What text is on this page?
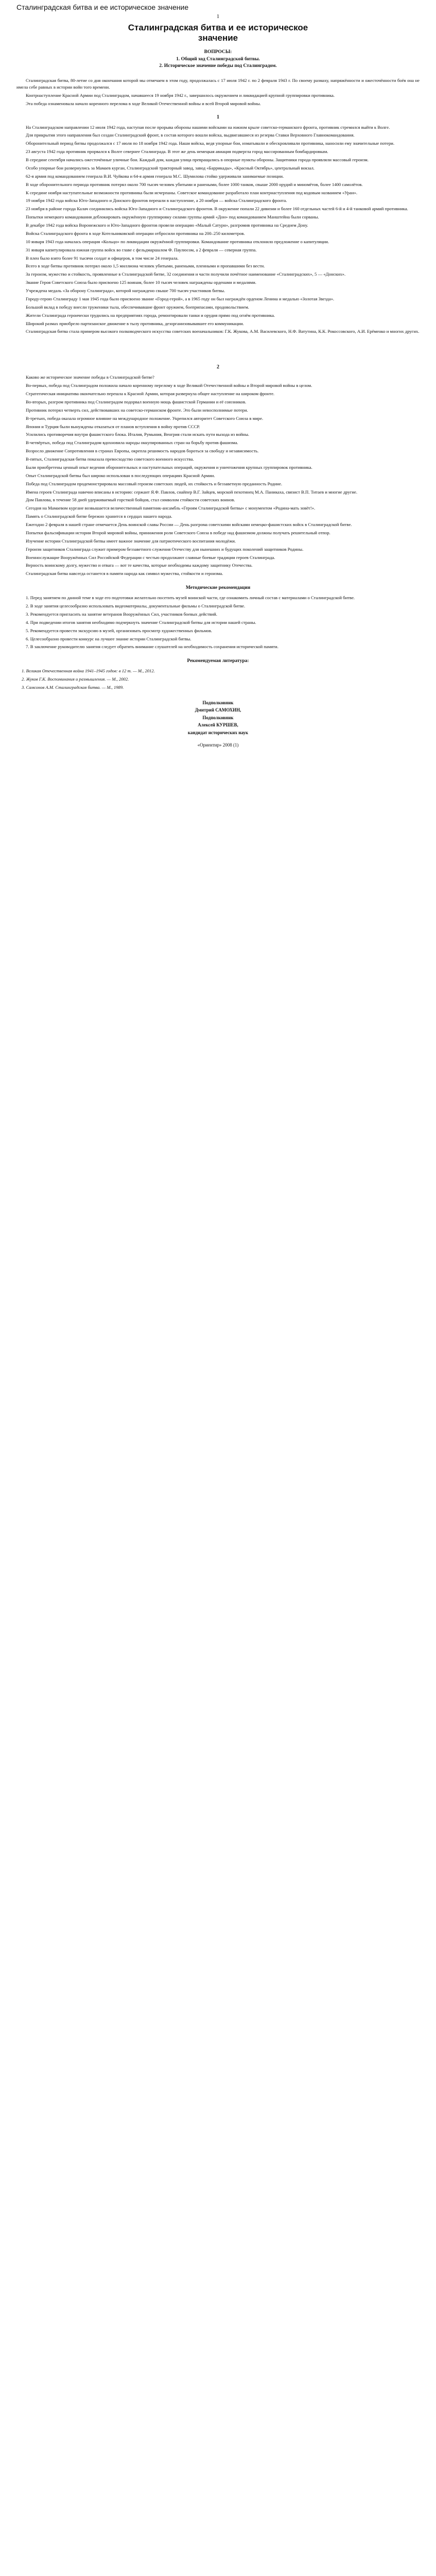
Сталинградская битва и ее историческое значение
1
Сталинградская битва и ее историческое
значение
ВОПРОСЫ:
1. Общий ход Сталинградской битвы.
2. Историческое значение победы под Сталинградом.

Сталинградская битва, 80-летие со дня окончания которой мы отмечаем в этом году, продолжалась с 17 июля 1942 г. по 2 февраля 1943 г. По своему размаху, напряжённости и ожесточённости боёв она не имела себе равных в истории войн того времени.

Контрнаступление Красной Армии под Сталинградом, начавшееся 19 ноября 1942 г., завершилось окружением и ликвидацией крупной группировки противника.

Эта победа ознаменовала начало коренного перелома в ходе Великой Отечественной войны и всей Второй мировой войны.

1

На Сталинградском направлении 12 июля 1942 года, наступая после прорыва обороны нашими войсками на южном крыле советско-германского фронта, противник стремился выйти к Волге.

Для прикрытия этого направления был создан Сталинградский фронт, в состав которого вошли войска, выдвигавшиеся из резерва Ставки Верховного Главнокомандования.

Оборонительный период битвы продолжался с 17 июля по 18 ноября 1942 года. Наши войска, ведя упорные бои, изматывали и обескровливали противника, наносили ему значительные потери.

23 августа 1942 года противник прорвался к Волге севернее Сталинграда. В этот же день немецкая авиация подвергла город массированным бомбардировкам.

В середине сентября начались ожесточённые уличные бои. Каждый дом, каждая улица превращались в опорные пункты обороны. Защитники города проявляли массовый героизм.

Особо упорные бои развернулись за Мамаев курган, Сталинградский тракторный завод, завод «Баррикады», «Красный Октябрь», центральный вокзал.

62-я армия под командованием генерала В.И. Чуйкова и 64-я армия генерала М.С. Шумилова стойко удерживали занимаемые позиции.

В ходе оборонительного периода противник потерял около 700 тысяч человек убитыми и ранеными, более 1000 танков, свыше 2000 орудий и миномётов, более 1400 самолётов.

К середине ноября наступательные возможности противника были исчерпаны. Советское командование разработало план контрнаступления под кодовым названием «Уран».

19 ноября 1942 года войска Юго-Западного и Донского фронтов перешли в наступление, а 20 ноября — войска Сталинградского фронта.

23 ноября в районе города Калач соединились войска Юго-Западного и Сталинградского фронтов. В окружение попали 22 дивизии и более 160 отдельных частей 6-й и 4-й танковой армий противника.

Попытки немецкого командования деблокировать окружённую группировку силами группы армий «Дон» под командованием Манштейна были сорваны.

В декабре 1942 года войска Воронежского и Юго-Западного фронтов провели операцию «Малый Сатурн», разгромив противника на Среднем Дону.

Войска Сталинградского фронта в ходе Котельниковской операции отбросили противника на 200–250 километров.

10 января 1943 года началась операция «Кольцо» по ликвидации окружённой группировки. Командование противника отклонило предложение о капитуляции.

31 января капитулировала южная группа войск во главе с фельдмаршалом Ф. Паулюсом, а 2 февраля — северная группа.

В плен было взято более 91 тысячи солдат и офицеров, в том числе 24 генерала.

Всего в ходе битвы противник потерял около 1,5 миллиона человек убитыми, ранеными, пленными и пропавшими без вести.

За героизм, мужество и стойкость, проявленные в Сталинградской битве, 32 соединения и части получили почётное наименование «Сталинградских», 5 — «Донских».

Звание Героя Советского Союза было присвоено 125 воинам, более 10 тысяч человек награждены орденами и медалями.

Учреждена медаль «За оборону Сталинграда», которой награждено свыше 700 тысяч участников битвы.

Городу-герою Сталинграду 1 мая 1945 года было присвоено звание «Город-герой», а в 1965 году он был награждён орденом Ленина и медалью «Золотая Звезда».

Большой вклад в победу внесли труженики тыла, обеспечивавшие фронт оружием, боеприпасами, продовольствием.

Жители Сталинграда героически трудились на предприятиях города, ремонтировали танки и орудия прямо под огнём противника.

Широкий размах приобрело партизанское движение в тылу противника, дезорганизовывавшее его коммуникации.

Сталинградская битва стала примером высокого полководческого искусства советских военачальников: Г.К. Жукова, А.М. Василевского, Н.Ф. Ватутина, К.К. Рокоссовского, А.И. Ерёменко и многих других.

2

Каково же историческое значение победы в Сталинградской битве?

Во-первых, победа под Сталинградом положила начало коренному перелому в ходе Великой Отечественной войны и Второй мировой войны в целом.

Стратегическая инициатива окончательно перешла к Красной Армии, которая развернула общее наступление на широком фронте.

Во-вторых, разгром противника под Сталинградом подорвал военную мощь фашистской Германии и её союзников.

Противник потерял четверть сил, действовавших на советско-германском фронте. Это были невосполнимые потери.

В-третьих, победа оказала огромное влияние на международное положение. Укрепился авторитет Советского Союза в мире.

Япония и Турция были вынуждены отказаться от планов вступления в войну против СССР.

Усилились противоречия внутри фашистского блока. Италия, Румыния, Венгрия стали искать пути выхода из войны.

В-четвёртых, победа под Сталинградом вдохновила народы оккупированных стран на борьбу против фашизма.

Возросло движение Сопротивления в странах Европы, окрепла решимость народов бороться за свободу и независимость.

В-пятых, Сталинградская битва показала превосходство советского военного искусства.

Были приобретены ценный опыт ведения оборонительных и наступательных операций, окружения и уничтожения крупных группировок противника.

Опыт Сталинградской битвы был широко использован в последующих операциях Красной Армии.

Победа под Сталинградом продемонстрировала массовый героизм советских людей, их стойкость и беззаветную преданность Родине.

Имена героев Сталинграда навечно вписаны в историю: сержант Я.Ф. Павлов, снайпер В.Г. Зайцев, морской пехотинец М.А. Паникаха, связист В.П. Титаев и многие другие.

Дом Павлова, в течение 58 дней удерживаемый горсткой бойцов, стал символом стойкости советских воинов.

Сегодня на Мамаевом кургане возвышается величественный памятник-ансамбль «Героям Сталинградской битвы» с монументом «Родина-мать зовёт!».

Память о Сталинградской битве бережно хранится в сердцах нашего народа.

Ежегодно 2 февраля в нашей стране отмечается День воинской славы России — День разгрома советскими войсками немецко-фашистских войск в Сталинградской битве.

Попытки фальсификации истории Второй мировой войны, принижения роли Советского Союза в победе над фашизмом должны получать решительный отпор.

Изучение истории Сталинградской битвы имеет важное значение для патриотического воспитания молодёжи.

Героизм защитников Сталинграда служит примером беззаветного служения Отечеству для нынешних и будущих поколений защитников Родины.

Военнослужащие Вооружённых Сил Российской Федерации с честью продолжают славные боевые традиции героев Сталинграда.

Верность воинскому долгу, мужество и отвага — вот те качества, которые необходимы каждому защитнику Отечества.

Сталинградская битва навсегда останется в памяти народа как символ мужества, стойкости и героизма.

Методические рекомендации

1. Перед занятием по данной теме в ходе его подготовки желательно посетить музей воинской части, где ознакомить личный состав с материалами о Сталинградской битве.

2. В ходе занятия целесообразно использовать видеоматериалы, документальные фильмы о Сталинградской битве.

3. Рекомендуется пригласить на занятие ветеранов Вооружённых Сил, участников боевых действий.

4. При подведении итогов занятия необходимо подчеркнуть значение Сталинградской битвы для истории нашей страны.

5. Рекомендуется провести экскурсию в музей, организовать просмотр художественных фильмов.

6. Целесообразно провести конкурс на лучшее знание истории Сталинградской битвы.

7. В заключение руководителю занятия следует обратить внимание слушателей на необходимость сохранения исторической памяти.

Рекомендуемая литература:
1. Великая Отечественная война 1941–1945 годов: в 12 т. — М., 2012.
2. Жуков Г.К. Воспоминания и размышления. — М., 2002.
3. Самсонов А.М. Сталинградская битва. — М., 1989.
Подполковник
Дмитрий САМОХИН,
Подполковник
Алексей КУРШЕВ,
кандидат исторических наук
«Ориентир» 2008 (1)
